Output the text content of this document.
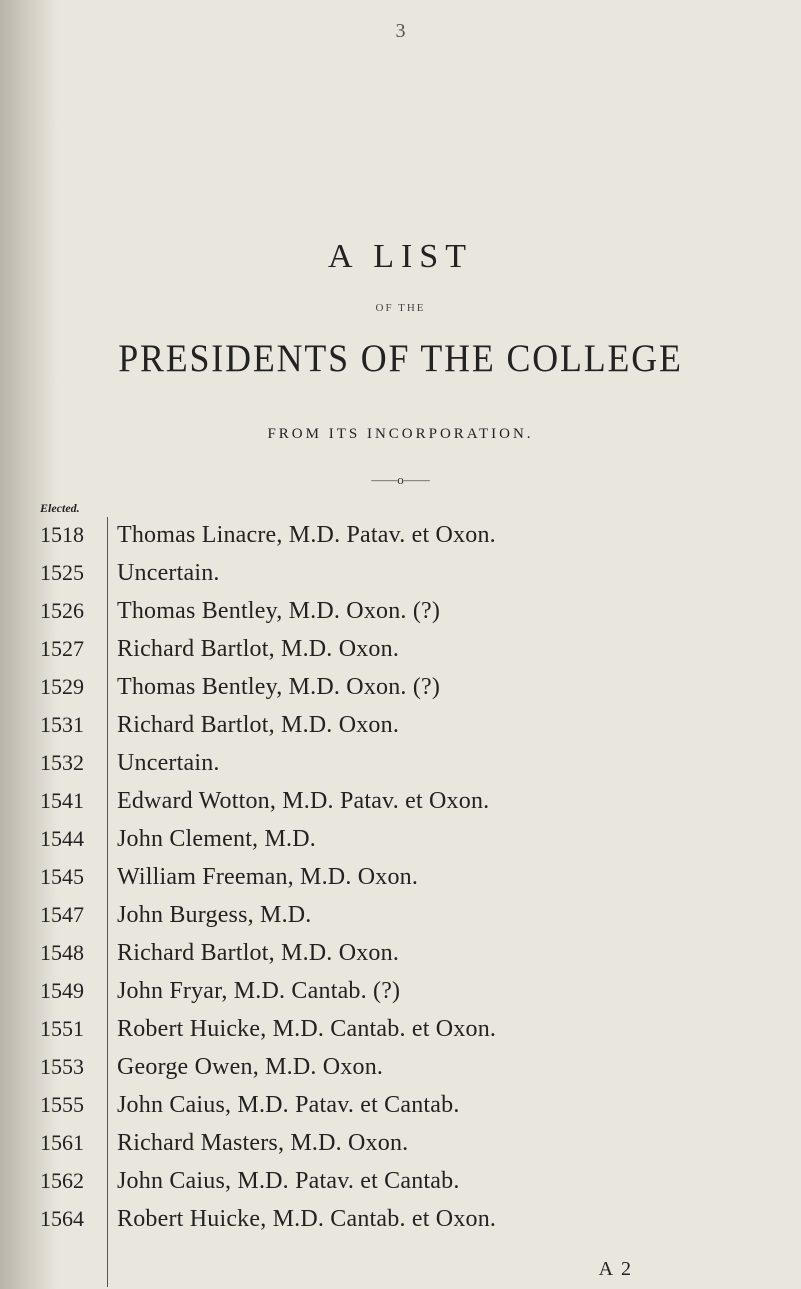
3
A LIST
OF THE
PRESIDENTS OF THE COLLEGE
FROM ITS INCORPORATION.
——o——
Elected.
1518	Thomas Linacre, M.D. Patav. et Oxon.
1525	Uncertain.
1526	Thomas Bentley, M.D. Oxon. (?)
1527	Richard Bartlot, M.D. Oxon.
1529	Thomas Bentley, M.D. Oxon. (?)
1531	Richard Bartlot, M.D. Oxon.
1532	Uncertain.
1541	Edward Wotton, M.D. Patav. et Oxon.
1544	John Clement, M.D.
1545	William Freeman, M.D. Oxon.
1547	John Burgess, M.D.
1548	Richard Bartlot, M.D. Oxon.
1549	John Fryar, M.D. Cantab. (?)
1551	Robert Huicke, M.D. Cantab. et Oxon.
1553	George Owen, M.D. Oxon.
1555	John Caius, M.D. Patav. et Cantab.
1561	Richard Masters, M.D. Oxon.
1562	John Caius, M.D. Patav. et Cantab.
1564	Robert Huicke, M.D. Cantab. et Oxon.
A 2
